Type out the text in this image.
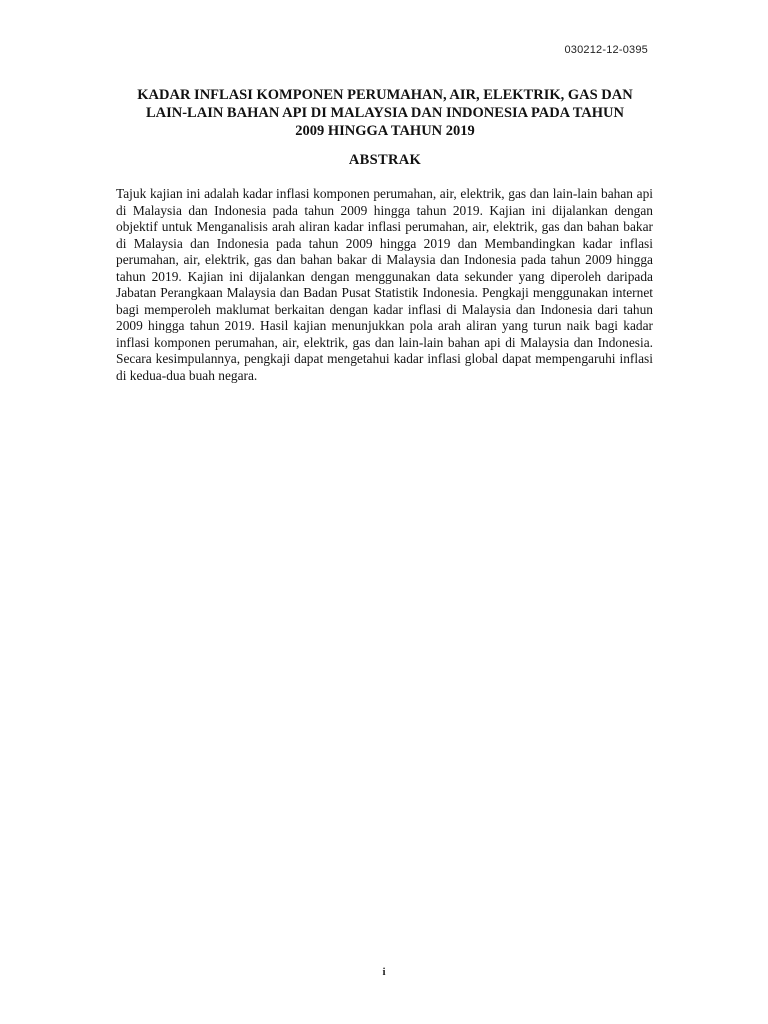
030212-12-0395
KADAR INFLASI KOMPONEN PERUMAHAN, AIR, ELEKTRIK, GAS DAN
LAIN-LAIN BAHAN API DI MALAYSIA DAN INDONESIA PADA TAHUN
2009 HINGGA TAHUN 2019
ABSTRAK
Tajuk kajian ini adalah kadar inflasi komponen perumahan, air, elektrik, gas dan lain-lain bahan api di Malaysia dan Indonesia pada tahun 2009 hingga tahun 2019. Kajian ini dijalankan dengan objektif untuk Menganalisis arah aliran kadar inflasi perumahan, air, elektrik, gas dan bahan bakar di Malaysia dan Indonesia pada tahun 2009 hingga 2019 dan Membandingkan kadar inflasi perumahan, air, elektrik, gas dan bahan bakar di Malaysia dan Indonesia pada tahun 2009 hingga tahun 2019. Kajian ini dijalankan dengan menggunakan data sekunder yang diperoleh daripada Jabatan Perangkaan Malaysia dan Badan Pusat Statistik Indonesia. Pengkaji menggunakan internet bagi memperoleh maklumat berkaitan dengan kadar inflasi di Malaysia dan Indonesia dari tahun 2009 hingga tahun 2019. Hasil kajian menunjukkan pola arah aliran yang turun naik bagi kadar inflasi komponen perumahan, air, elektrik, gas dan lain-lain bahan api di Malaysia dan Indonesia. Secara kesimpulannya, pengkaji dapat mengetahui kadar inflasi global dapat mempengaruhi inflasi di kedua-dua buah negara.
i
